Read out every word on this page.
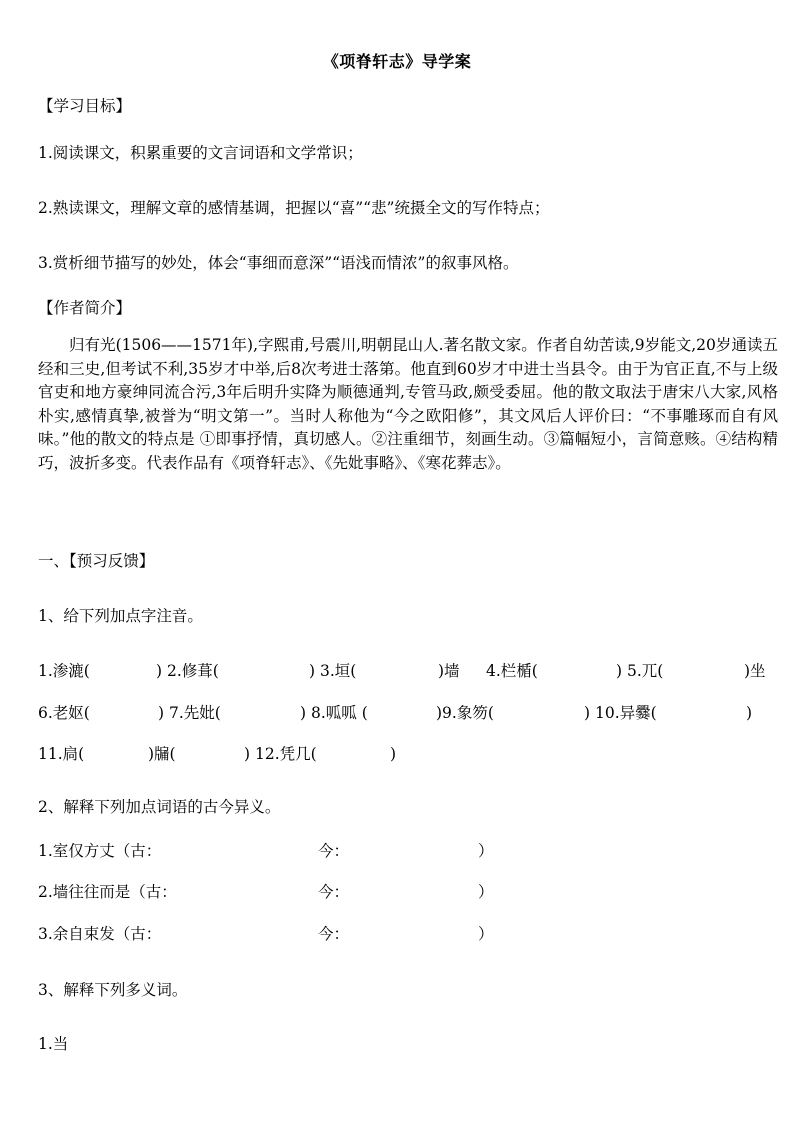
《项脊轩志》导学案
【学习目标】
1.阅读课文，积累重要的文言词语和文学常识；
2.熟读课文，理解文章的感情基调，把握以“喜”“悲”统摄全文的写作特点；
3.赏析细节描写的妙处，体会“事细而意深”“语浅而情浓”的叙事风格。
【作者简介】
归有光(1506——1571年),字熙甫,号震川,明朝昆山人.著名散文家。作者自幼苦读,9岁能文,20岁通读五经和三史,但考试不利,35岁才中举,后8次考进士落第。他直到60岁才中进士当县令。由于为官正直,不与上级官吏和地方豪绅同流合污,3年后明升实降为顺德通判,专管马政,颇受委屈。他的散文取法于唐宋八大家,风格朴实,感情真挚,被誉为“明文第一”。当时人称他为“今之欧阳修”，其文风后人评价曰：“不事雕琢而自有风味。”他的散文的特点是 ①即事抒情，真切感人。②注重细节，刻画生动。③篇幅短小，言简意赅。④结构精巧，波折多变。代表作品有《项脊轩志》、《先妣事略》、《寒花葬志》。
一、【预习反馈】
1、给下列加点字注音。
1.渗漉(	) 2.修葺(	) 3.垣(	)墙 4.栏楯(	) 5.兀(	)坐
6.老妪(	) 7.先妣(	) 8.呱呱 (	)9.象笏(	) 10.异爨(	)
11.扃(	)牖(	) 12.凭几(	)
2、解释下列加点词语的古今异义。
1.室仅方丈（古：	今：	）
2.墙往往而是（古：	今：	）
3.余自束发（古：	今：	）
3、解释下列多义词。
1.当
